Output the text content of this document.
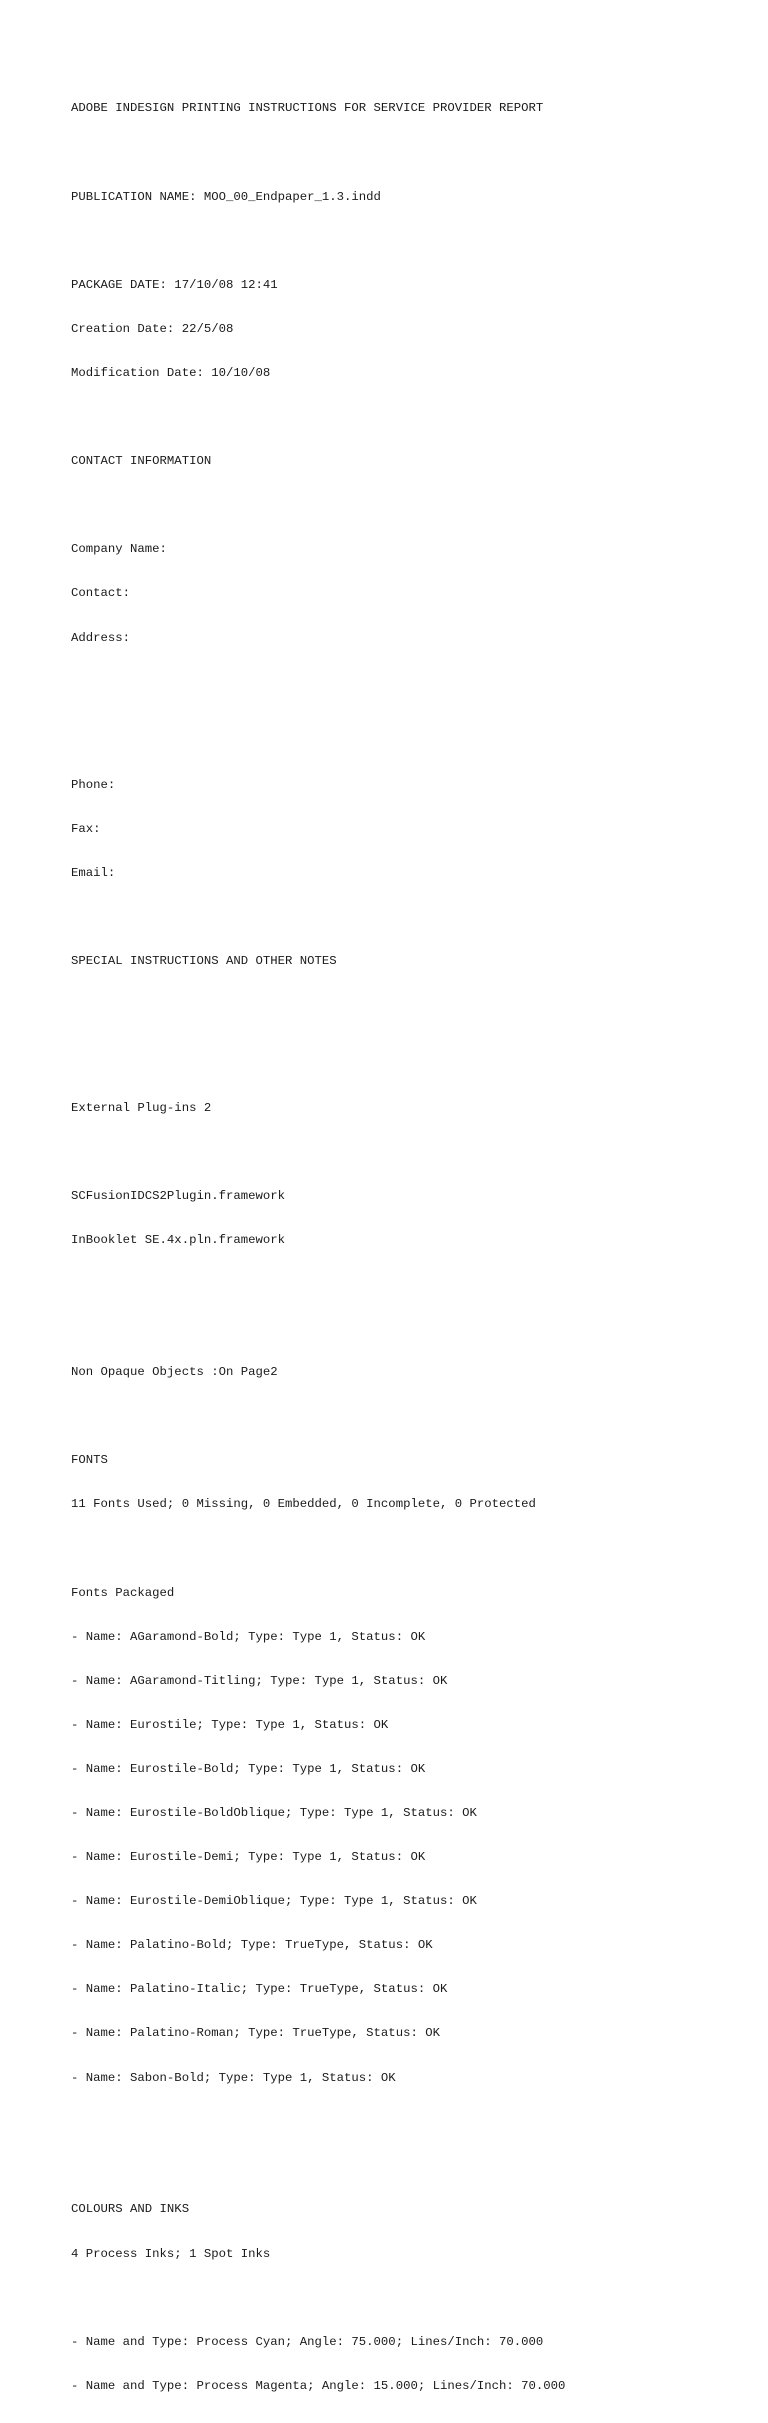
ADOBE INDESIGN PRINTING INSTRUCTIONS FOR SERVICE PROVIDER REPORT

PUBLICATION NAME: MOO_00_Endpaper_1.3.indd

PACKAGE DATE: 17/10/08 12:41

Creation Date: 22/5/08

Modification Date: 10/10/08

CONTACT INFORMATION

Company Name:

Contact:

Address:

Phone:

Fax:

Email:

SPECIAL INSTRUCTIONS AND OTHER NOTES

External Plug-ins 2

SCFusionIDCS2Plugin.framework

InBooklet SE.4x.pln.framework

Non Opaque Objects :On Page2

FONTS

11 Fonts Used; 0 Missing, 0 Embedded, 0 Incomplete, 0 Protected

Fonts Packaged

- Name: AGaramond-Bold; Type: Type 1, Status: OK

- Name: AGaramond-Titling; Type: Type 1, Status: OK

- Name: Eurostile; Type: Type 1, Status: OK

- Name: Eurostile-Bold; Type: Type 1, Status: OK

- Name: Eurostile-BoldOblique; Type: Type 1, Status: OK

- Name: Eurostile-Demi; Type: Type 1, Status: OK

- Name: Eurostile-DemiOblique; Type: Type 1, Status: OK

- Name: Palatino-Bold; Type: TrueType, Status: OK

- Name: Palatino-Italic; Type: TrueType, Status: OK

- Name: Palatino-Roman; Type: TrueType, Status: OK

- Name: Sabon-Bold; Type: Type 1, Status: OK

COLOURS AND INKS

4 Process Inks; 1 Spot Inks

- Name and Type: Process Cyan; Angle: 75.000; Lines/Inch: 70.000

- Name and Type: Process Magenta; Angle: 15.000; Lines/Inch: 70.000
